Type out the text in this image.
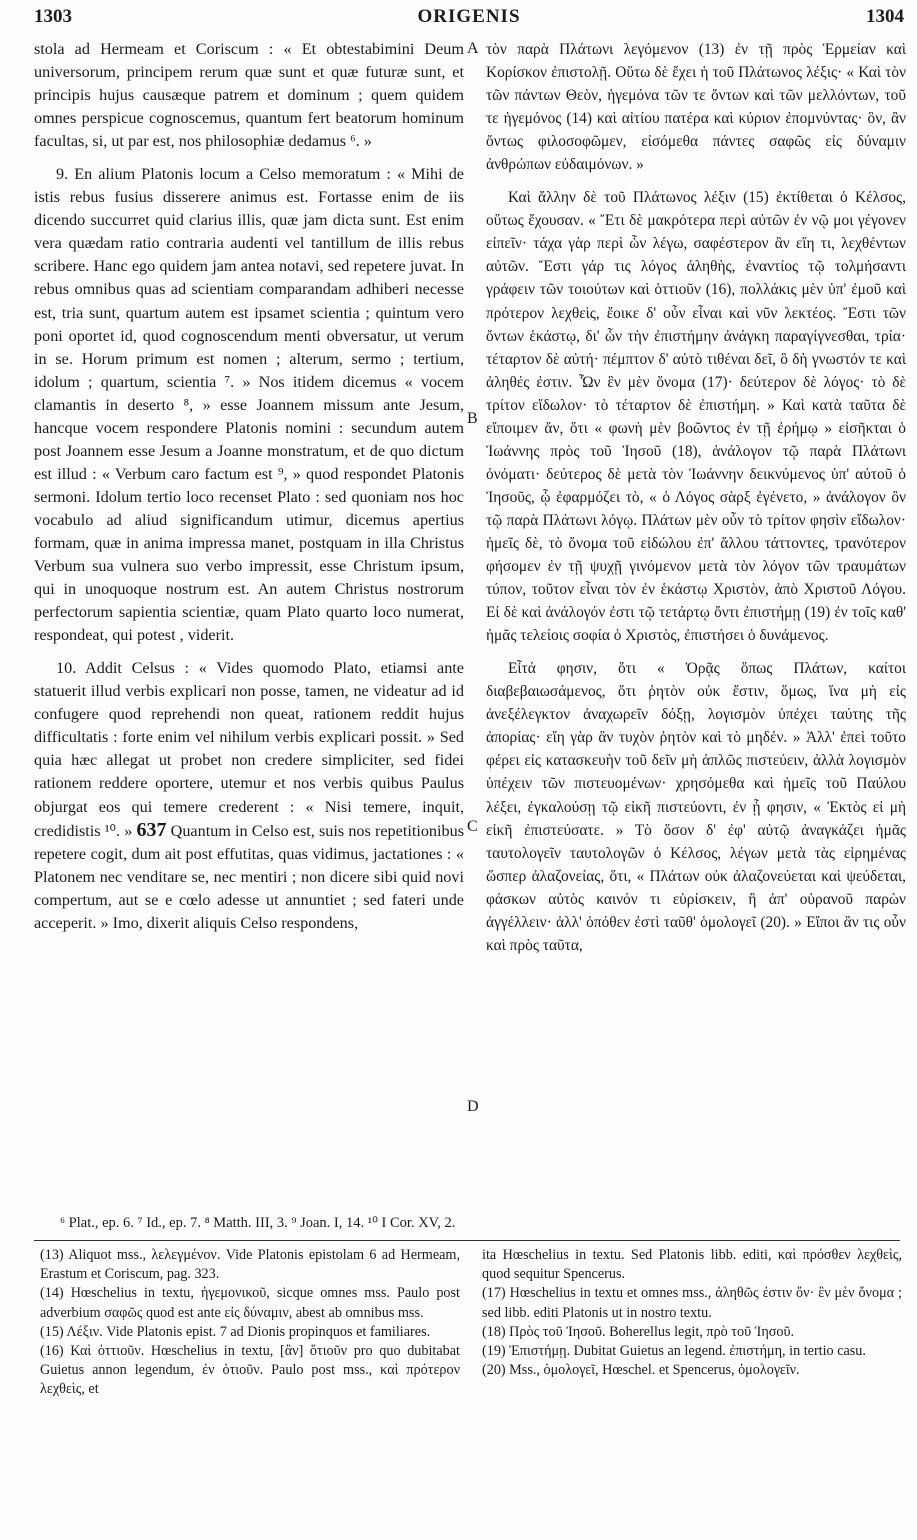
1303	ORIGENIS	1304

stola ad Hermeam et Coriscum : « Et obtestabimini Deum universorum, principem rerum quæ sunt et quæ futuræ sunt, et principis hujus causæque patrem et dominum ; quem quidem omnes perspicue cognoscemus, quantum fert beatorum hominum facultas, si, ut par est, nos philosophiæ dedamus ⁶. »

9. En alium Platonis locum a Celso memoratum : « Mihi de istis rebus fusius disserere animus est. Fortasse enim de iis dicendo succurret quid clarius illis, quæ jam dicta sunt. Est enim vera quædam ratio contraria audenti vel tantillum de illis rebus scribere. Hanc ego quidem jam antea notavi, sed repetere juvat. In rebus omnibus quas ad scientiam comparandam adhiberi necesse est, tria sunt, quartum autem est ipsamet scientia ; quintum vero poni oportet id, quod cognoscendum menti obversatur, ut verum in se. Horum primum est nomen ; alterum, sermo ; tertium, idolum ; quartum, scientia ⁷. » Nos itidem dicemus « vocem clamantis in deserto ⁸, » esse Joannem missum ante Jesum, hancque vocem respondere Platonis nomini : secundum autem post Joannem esse Jesum a Joanne monstratum, et de quo dictum est illud : « Verbum caro factum est ⁹, » quod respondet Platonis sermoni. Idolum tertio loco recenset Plato : sed quoniam nos hoc vocabulo ad aliud significandum utimur, dicemus apertius formam, quæ in anima impressa manet, postquam in illa Christus Verbum sua vulnera suo verbo impressit, esse Christum ipsum, qui in unoquoque nostrum est. An autem Christus nostrorum perfectorum sapientia scientiæ, quam Plato quarto loco numerat, respondeat, qui potest , viderit.

10. Addit Celsus : « Vides quomodo Plato, etiamsi ante statuerit illud verbis explicari non posse, tamen, ne videatur ad id confugere quod reprehendi non queat, rationem reddit hujus difficultatis : forte enim vel nihilum verbis explicari possit. » Sed quia hæc allegat ut probet non credere simpliciter, sed fidei rationem reddere oportere, utemur et nos verbis quibus Paulus objurgat eos qui temere crederent : « Nisi temere, inquit, credidistis ¹⁰. » 637 Quantum in Celso est, suis nos repetitionibus repetere cogit, dum ait post effutitas, quas vidimus, jactationes : « Platonem nec venditare se, nec mentiri ; non dicere sibi quid novi compertum, aut se e cœlo adesse ut annuntiet ; sed fateri unde acceperit. » Imo, dixerit aliquis Celso respondens,

A
B
C
D

τὸν παρὰ Πλάτωνι λεγόμενον (13) ἐν τῇ πρὸς Ἑρμείαν καὶ Κορίσκον ἐπιστολῇ. Οὕτω δὲ ἔχει ἡ τοῦ Πλάτωνος λέξις· « Καὶ τὸν τῶν πάντων Θεὸν, ἡγεμόνα τῶν τε ὄντων καὶ τῶν μελλόντων, τοῦ τε ἡγεμόνος (14) καὶ αἰτίου πατέρα καὶ κύριον ἐπομνύντας· ὃν, ἂν ὄντως φιλοσοφῶμεν, εἰσόμεθα πάντες σαφῶς εἰς δύναμιν ἀνθρώπων εὐδαιμόνων. »

Καὶ ἄλλην δὲ τοῦ Πλάτωνος λέξιν (15) ἐκτίθεται ὁ Κέλσος, οὕτως ἔχουσαν. « Ἔτι δὲ μακρότερα περὶ αὐτῶν ἐν νῷ μοι γέγονεν εἰπεῖν· τάχα γὰρ περὶ ὧν λέγω, σαφέστερον ἂν εἴη τι, λεχθέντων αὐτῶν. Ἔστι γάρ τις λόγος ἀληθὴς, ἐναντίος τῷ τολμήσαντι γράφειν τῶν τοιούτων καὶ ὁττιοῦν (16), πολλάκις μὲν ὑπ' ἐμοῦ καὶ πρότερον λεχθεὶς, ἔοικε δ' οὖν εἶναι καὶ νῦν λεκτέος. Ἔστι τῶν ὄντων ἑκάστῳ, δι' ὧν τὴν ἐπιστήμην ἀνάγκη παραγίγνεσθαι, τρία· τέταρτον δὲ αὐτή· πέμπτον δ' αὐτὸ τιθέναι δεῖ, ὃ δὴ γνωστόν τε καὶ ἀληθές ἐστιν. Ὧν ἓν μὲν ὄνομα (17)· δεύτερον δὲ λόγος· τὸ δὲ τρίτον εἴδωλον· τὸ τέταρτον δὲ ἐπιστήμη. » Καὶ κατὰ ταῦτα δὲ εἴποιμεν ἄν, ὅτι « φωνὴ μὲν βοῶντος ἐν τῇ ἐρήμῳ » εἰσῆκται ὁ Ἰωάννης πρὸς τοῦ Ἰησοῦ (18), ἀνάλογον τῷ παρὰ Πλάτωνι ὀνόματι· δεύτερος δὲ μετὰ τὸν Ἰωάννην δεικνύμενος ὑπ' αὐτοῦ ὁ Ἰησοῦς, ᾧ ἐφαρμόζει τὸ, « ὁ Λόγος σὰρξ ἐγένετο, » ἀνάλογον ὂν τῷ παρὰ Πλάτωνι λόγῳ. Πλάτων μὲν οὖν τὸ τρίτον φησὶν εἴδωλον· ἡμεῖς δὲ, τὸ ὄνομα τοῦ εἰδώλου ἐπ' ἄλλου τάττοντες, τρανότερον φήσομεν ἐν τῇ ψυχῇ γινόμενον μετὰ τὸν λόγον τῶν τραυμάτων τύπον, τοῦτον εἶναι τὸν ἐν ἑκάστῳ Χριστὸν, ἀπὸ Χριστοῦ Λόγου. Εἰ δὲ καὶ ἀνάλογόν ἐστι τῷ τετάρτῳ ὄντι ἐπιστήμῃ (19) ἐν τοῖς καθ' ἡμᾶς τελείοις σοφία ὁ Χριστὸς, ἐπιστήσει ὁ δυνάμενος.

Εἶτά φησιν, ὅτι « Ὁρᾷς ὅπως Πλάτων, καίτοι διαβεβαιωσάμενος, ὅτι ῥητὸν οὐκ ἔστιν, ὅμως, ἵνα μὴ εἰς ἀνεξέλεγκτον ἀναχωρεῖν δόξῃ, λογισμὸν ὑπέχει ταύτης τῆς ἀπορίας· εἴη γὰρ ἂν τυχὸν ῥητὸν καὶ τὸ μηδέν. » Ἀλλ' ἐπεὶ τοῦτο φέρει εἰς κατασκευὴν τοῦ δεῖν μὴ ἁπλῶς πιστεύειν, ἀλλὰ λογισμὸν ὑπέχειν τῶν πιστευομένων· χρησόμεθα καὶ ἡμεῖς τοῦ Παύλου λέξει, ἐγκαλούσῃ τῷ εἰκῆ πιστεύοντι, ἐν ᾗ φησιν, « Ἐκτὸς εἰ μὴ εἰκῆ ἐπιστεύσατε. » Τὸ ὅσον δ' ἐφ' αὐτῷ ἀναγκάζει ἡμᾶς ταυτολογεῖν ταυτολογῶν ὁ Κέλσος, λέγων μετὰ τὰς εἰρημένας ὥσπερ ἀλαζονείας, ὅτι, « Πλάτων οὐκ ἀλαζονεύεται καὶ ψεύδεται, φάσκων αὐτὸς καινόν τι εὑρίσκειν, ἢ ἀπ' οὐρανοῦ παρὼν ἀγγέλλειν· ἀλλ' ὁπόθεν ἐστὶ ταῦθ' ὁμολογεῖ (20). » Εἴποι ἂν τις οὖν καὶ πρὸς ταῦτα,

⁶ Plat., ep. 6. ⁷ Id., ep. 7. ⁸ Matth. III, 3. ⁹ Joan. I, 14. ¹⁰ I Cor. XV, 2.

(13) Aliquot mss., λελεγμένον. Vide Platonis epistolam 6 ad Hermeam, Erastum et Coriscum, pag. 323.

(14) Hœschelius in textu, ἡγεμονικοῦ, sicque omnes mss. Paulo post adverbium σαφῶς quod est ante εἰς δύναμιν, abest ab omnibus mss.

(15) Λέξιν. Vide Platonis epist. 7 ad Dionis propinquos et familiares.

(16) Καὶ ὁττιοῦν. Hœschelius in textu, [ἂν] ὅτιοῦν pro quo dubitabat Guietus annon legendum, ἐν ὁτιοῦν. Paulo post mss., καὶ πρότερον λεχθεὶς, et

ita Hœschelius in textu. Sed Platonis libb. editi, καὶ πρόσθεν λεχθεὶς, quod sequitur Spencerus.

(17) Hœschelius in textu et omnes mss., ἀληθῶς ἐστιν ὄν· ἓν μὲν ὄνομα ; sed libb. editi Platonis ut in nostro textu.

(18) Πρὸς τοῦ Ἰησοῦ. Boherellus legit, πρὸ τοῦ Ἰησοῦ.

(19) Ἐπιστήμῃ. Dubitat Guietus an legend. ἐπιστήμη, in tertio casu.

(20) Mss., ὁμολογεῖ, Hœschel. et Spencerus, ὁμολογεῖν.
